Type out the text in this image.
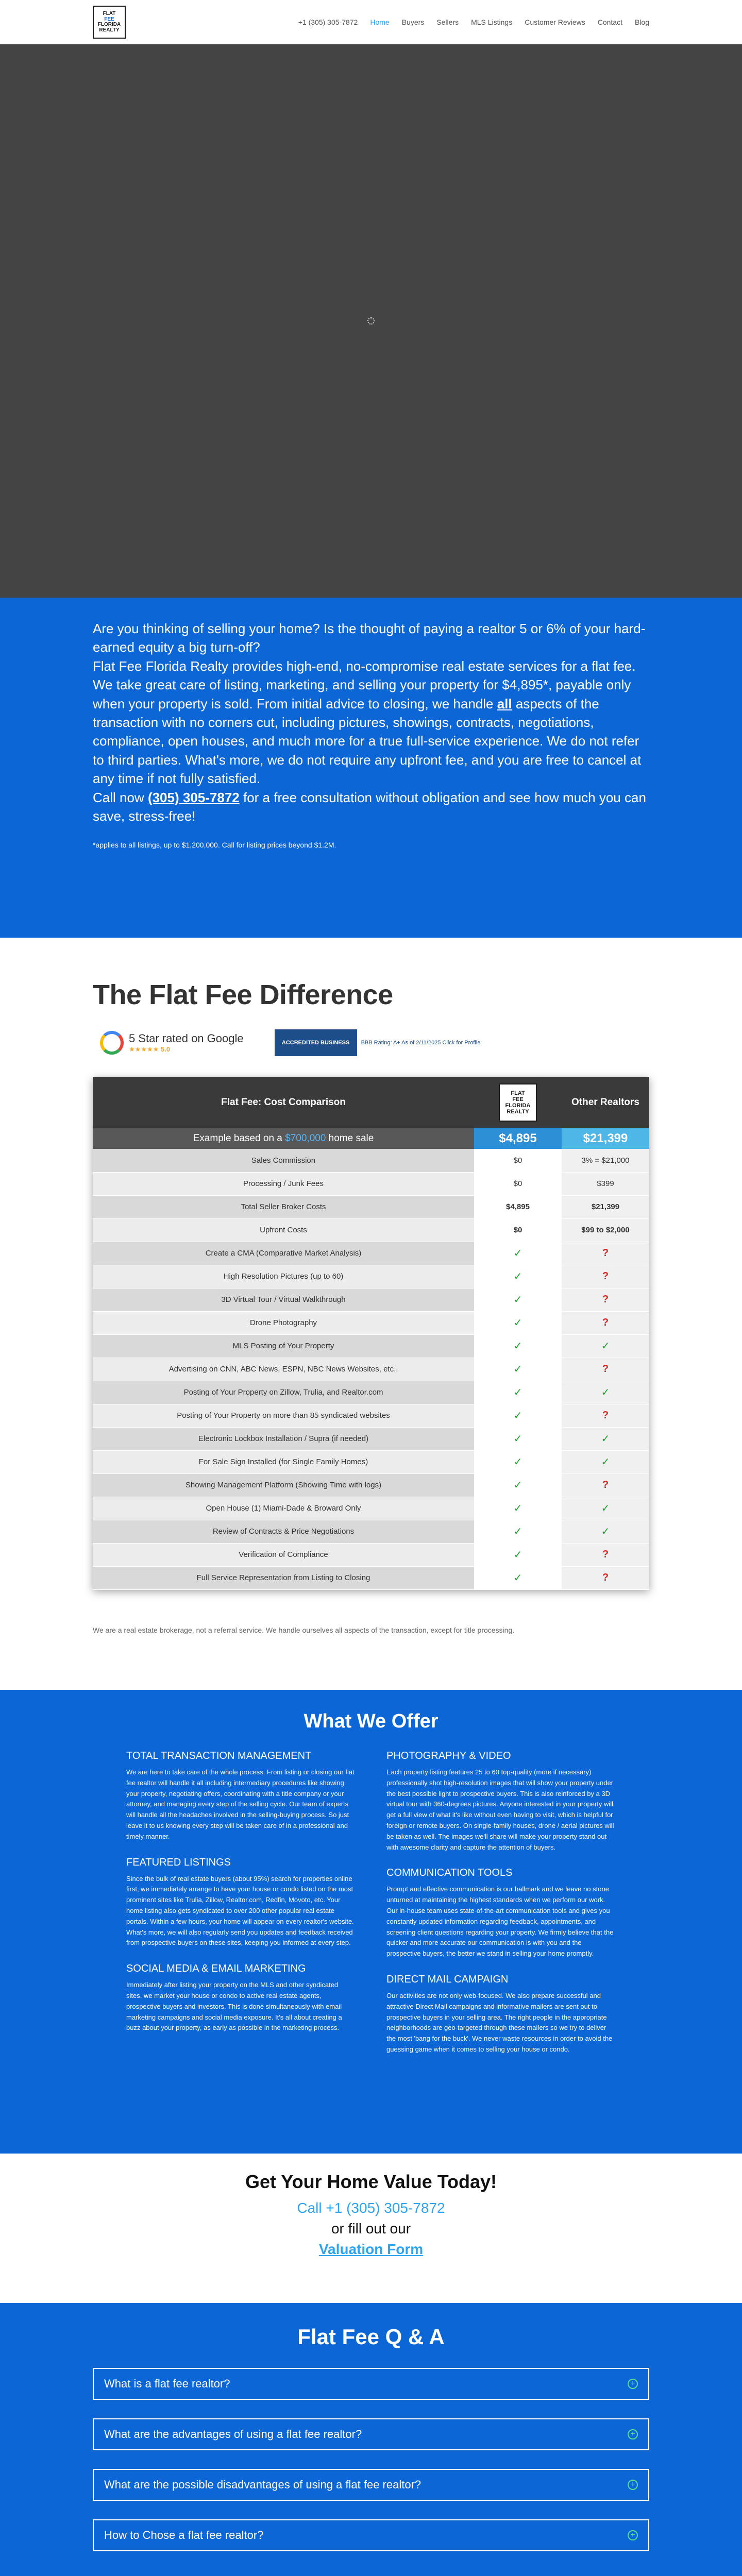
FLAT
FEE
FLORIDA
REALTY
+1 (305) 305-7872 Home Buyers Sellers MLS Listings Customer Reviews Contact Blog

Are you thinking of selling your home? Is the thought of paying a realtor 5 or 6% of your hard-earned equity a big turn-off?

Flat Fee Florida Realty provides high-end, no-compromise real estate services for a flat fee. We take great care of listing, marketing, and selling your property for $4,895*, payable only when your property is sold. From initial advice to closing, we handle all aspects of the transaction with no corners cut, including pictures, showings, contracts, negotiations, compliance, open houses, and much more for a true full-service experience. We do not refer to third parties. What's more, we do not require any upfront fee, and you are free to cancel at any time if not fully satisfied.

Call now (305) 305-7872 for a free consultation without obligation and see how much you can save, stress-free!

*applies to all listings, up to $1,200,000. Call for listing prices beyond $1.2M.

The Flat Fee Difference
5 Star rated on Google
★★★★★ 5.0
ACCREDITED BUSINESS	BBB Rating: A+ As of 2/11/2025 Click for Profile
Flat Fee: Cost Comparison	FLAT
FEE
FLORIDA
REALTY	Other Realtors
Example based on a $700,000 home sale	$4,895	$21,399
Sales Commission	$0	3% = $21,000
Processing / Junk Fees	$0	$399
Total Seller Broker Costs	$4,895	$21,399
Upfront Costs	$0	$99 to $2,000
Create a CMA (Comparative Market Analysis)	✓	?
High Resolution Pictures (up to 60)	✓	?
3D Virtual Tour / Virtual Walkthrough	✓	?
Drone Photography	✓	?
MLS Posting of Your Property	✓	✓
Advertising on CNN, ABC News, ESPN, NBC News Websites, etc..	✓	?
Posting of Your Property on Zillow, Trulia, and Realtor.com	✓	✓
Posting of Your Property on more than 85 syndicated websites	✓	?
Electronic Lockbox Installation / Supra (if needed)	✓	✓
For Sale Sign Installed (for Single Family Homes)	✓	✓
Showing Management Platform (Showing Time with logs)	✓	?
Open House (1) Miami-Dade & Broward Only	✓	✓
Review of Contracts & Price Negotiations	✓	✓
Verification of Compliance	✓	?
Full Service Representation from Listing to Closing	✓	?

We are a real estate brokerage, not a referral service. We handle ourselves all aspects of the transaction, except for title processing.

What We Offer
TOTAL TRANSACTION MANAGEMENT

We are here to take care of the whole process. From listing or closing our flat fee realtor will handle it all including intermediary procedures like showing your property, negotiating offers, coordinating with a title company or your attorney, and managing every step of the selling cycle. Our team of experts will handle all the headaches involved in the selling-buying process. So just leave it to us knowing every step will be taken care of in a professional and timely manner.

FEATURED LISTINGS

Since the bulk of real estate buyers (about 95%) search for properties online first, we immediately arrange to have your house or condo listed on the most prominent sites like Trulia, Zillow, Realtor.com, Redfin, Movoto, etc. Your home listing also gets syndicated to over 200 other popular real estate portals. Within a few hours, your home will appear on every realtor's website. What's more, we will also regularly send you updates and feedback received from prospective buyers on these sites, keeping you informed at every step.

SOCIAL MEDIA & EMAIL MARKETING

Immediately after listing your property on the MLS and other syndicated sites, we market your house or condo to active real estate agents, prospective buyers and investors. This is done simultaneously with email marketing campaigns and social media exposure. It's all about creating a buzz about your property, as early as possible in the marketing process.

PHOTOGRAPHY & VIDEO

Each property listing features 25 to 60 top-quality (more if necessary) professionally shot high-resolution images that will show your property under the best possible light to prospective buyers. This is also reinforced by a 3D virtual tour with 360-degrees pictures. Anyone interested in your property will get a full view of what it's like without even having to visit, which is helpful for foreign or remote buyers. On single-family houses, drone / aerial pictures will be taken as well. The images we'll share will make your property stand out with awesome clarity and capture the attention of buyers.

COMMUNICATION TOOLS

Prompt and effective communication is our hallmark and we leave no stone unturned at maintaining the highest standards when we perform our work. Our in-house team uses state-of-the-art communication tools and gives you constantly updated information regarding feedback, appointments, and screening client questions regarding your property. We firmly believe that the quicker and more accurate our communication is with you and the prospective buyers, the better we stand in selling your home promptly.

DIRECT MAIL CAMPAIGN

Our activities are not only web-focused. We also prepare successful and attractive Direct Mail campaigns and informative mailers are sent out to prospective buyers in your selling area. The right people in the appropriate neighborhoods are geo-targeted through these mailers so we try to deliver the most 'bang for the buck'. We never waste resources in order to avoid the guessing game when it comes to selling your house or condo.

Get Your Home Value Today!
Call +1 (305) 305-7872
or fill out our
Valuation Form
Flat Fee Q & A
What is a flat fee realtor?	+
What are the advantages of using a flat fee realtor?	+
What are the possible disadvantages of using a flat fee realtor?	+
How to Chose a flat fee realtor?	+
